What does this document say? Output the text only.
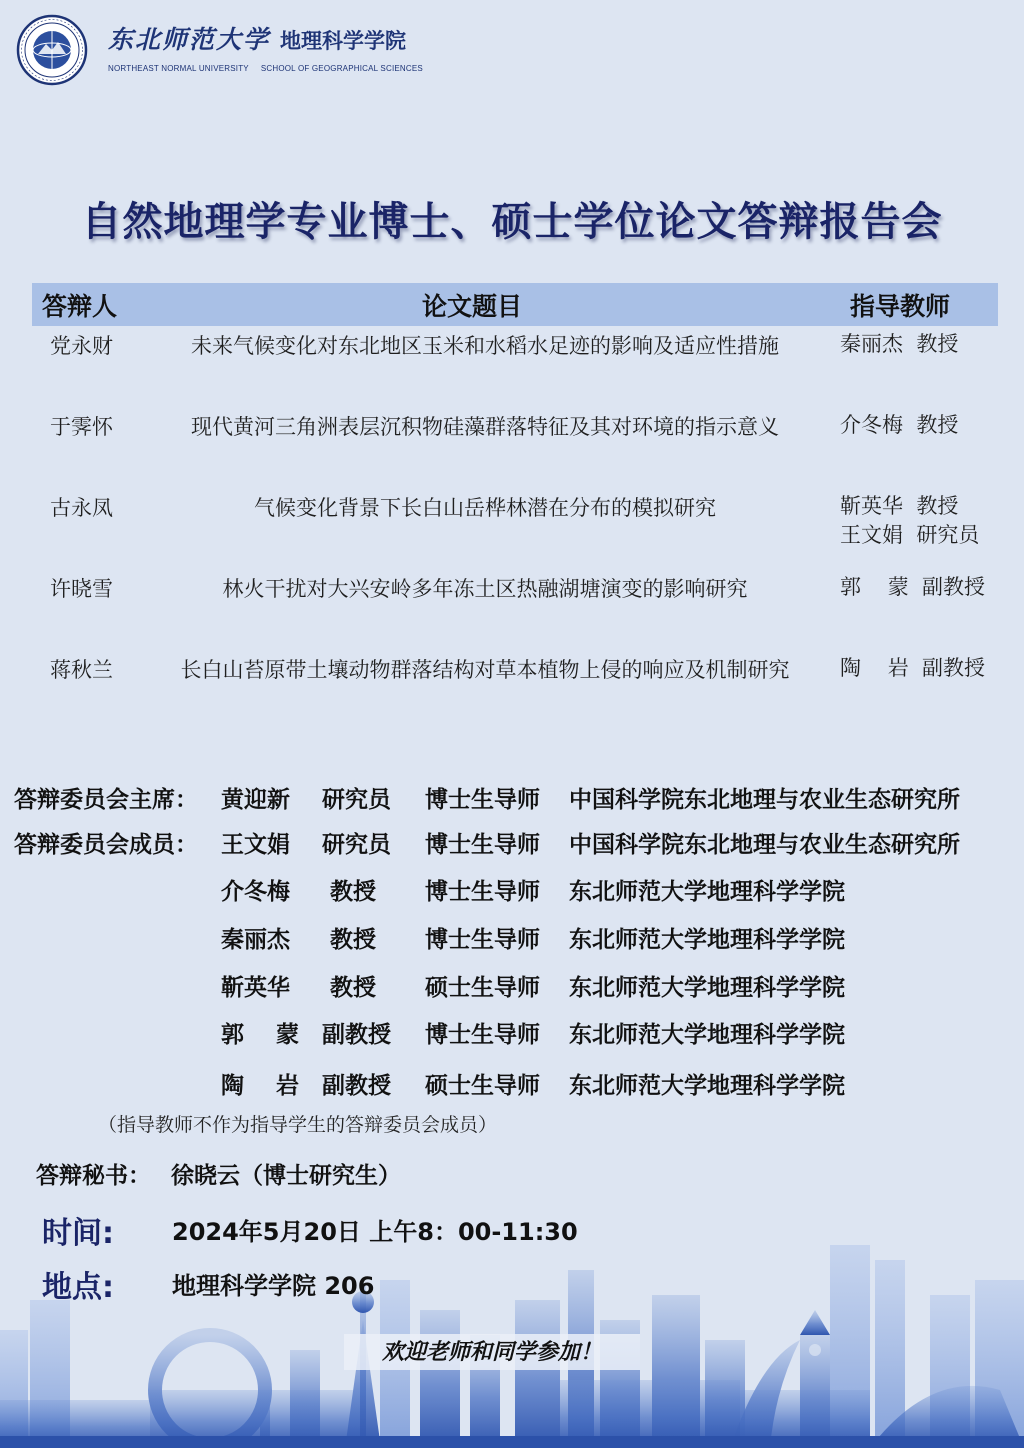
东北师范大学 地理科学学院
NORTHEAST NORMAL UNIVERSITY SCHOOL OF GEOGRAPHICAL SCIENCES
自然地理学专业博士、硕士学位论文答辩报告会
答辩人	论文题目	指导教师
党永财	未来气候变化对东北地区玉米和水稻水足迹的影响及适应性措施	秦丽杰  教授
于霁怀	现代黄河三角洲表层沉积物硅藻群落特征及其对环境的指示意义	介冬梅  教授
古永凤	气候变化背景下长白山岳桦林潜在分布的模拟研究	靳英华  教授
王文娟  研究员
许晓雪	林火干扰对大兴安岭多年冻土区热融湖塘演变的影响研究	郭    蒙  副教授
蒋秋兰	长白山苔原带土壤动物群落结构对草本植物上侵的响应及机制研究	陶    岩  副教授
答辩委员会主席： 黄迎新 研究员 博士生导师 中国科学院东北地理与农业生态研究所
答辩委员会成员： 王文娟 研究员 博士生导师 中国科学院东北地理与农业生态研究所
介冬梅 教授 博士生导师 东北师范大学地理科学学院
秦丽杰 教授 博士生导师 东北师范大学地理科学学院
靳英华 教授 硕士生导师 东北师范大学地理科学学院
郭    蒙 副教授 博士生导师 东北师范大学地理科学学院
陶    岩 副教授 硕士生导师 东北师范大学地理科学学院
（指导教师不作为指导学生的答辩委员会成员）
答辩秘书： 徐晓云（博士研究生）
时间: 2024年5月20日 上午8：00-11:30
地点: 地理科学学院 206
欢迎老师和同学参加！
